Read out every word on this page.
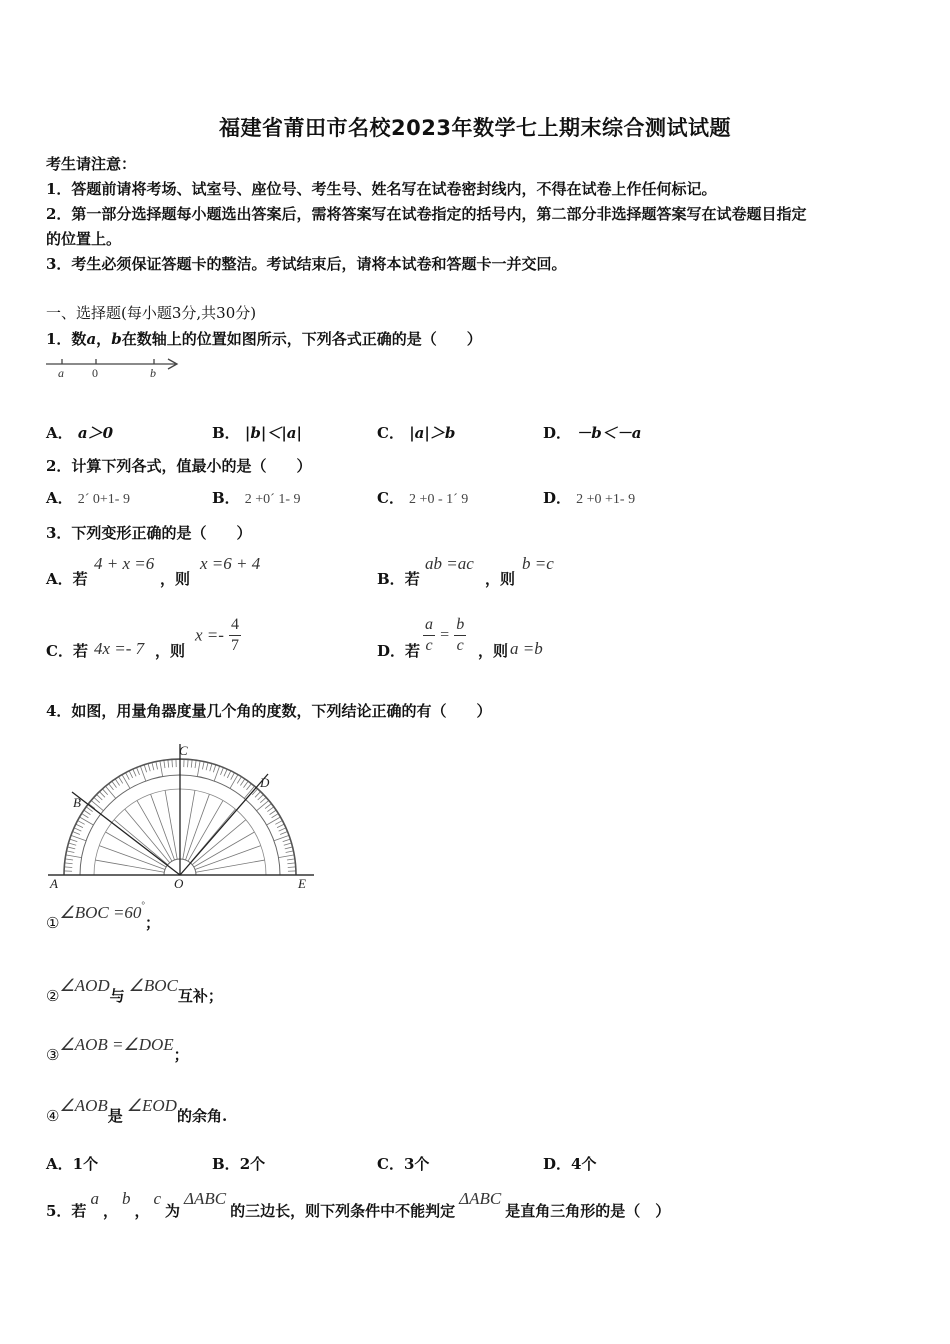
福建省莆田市名校2023年数学七上期末综合测试试题
考生请注意：
1．答题前请将考场、试室号、座位号、考生号、姓名写在试卷密封线内，不得在试卷上作任何标记。
2．第一部分选择题每小题选出答案后，需将答案写在试卷指定的括号内，第二部分非选择题答案写在试卷题目指定
的位置上。
3．考生必须保证答题卡的整洁。考试结束后，请将本试卷和答题卡一并交回。
一、选择题(每小题3分,共30分)
1．数a，b在数轴上的位置如图所示，下列各式正确的是（　　）
a 0	b
A． a＞0	B． |b|＜|a|	C． |a|＞b	D． －b＜－a
2．计算下列各式，值最小的是（　　）
A． 2´ 0+1- 9	B． 2 +0´ 1- 9	C． 2 +0 - 1´ 9	D． 2 +0 +1- 9
3．下列变形正确的是（　　）
A．若
4 + x =6
，则
x =6 + 4
B．若
ab =ac
，则
b =c
C．若 4x =- 7 ，则
$x =- \frac{4}{7}$	D．若 $\frac{a}{c} = \frac{b}{c}$ ，则 a =b
4．如图，用量角器度量几个角的度数，下列结论正确的有（　　）
C
B
D
A	O	E
①∠BOC =60°；
②∠AOD与∠BOC互补；
③∠AOB =∠DOE；
④∠AOB是∠EOD的余角.
A．1个	B．2个	C．3个	D．4个
5．若a，b，c为ΔABC的三边长，则下列条件中不能判定ΔABC是直角三角形的是（　）
